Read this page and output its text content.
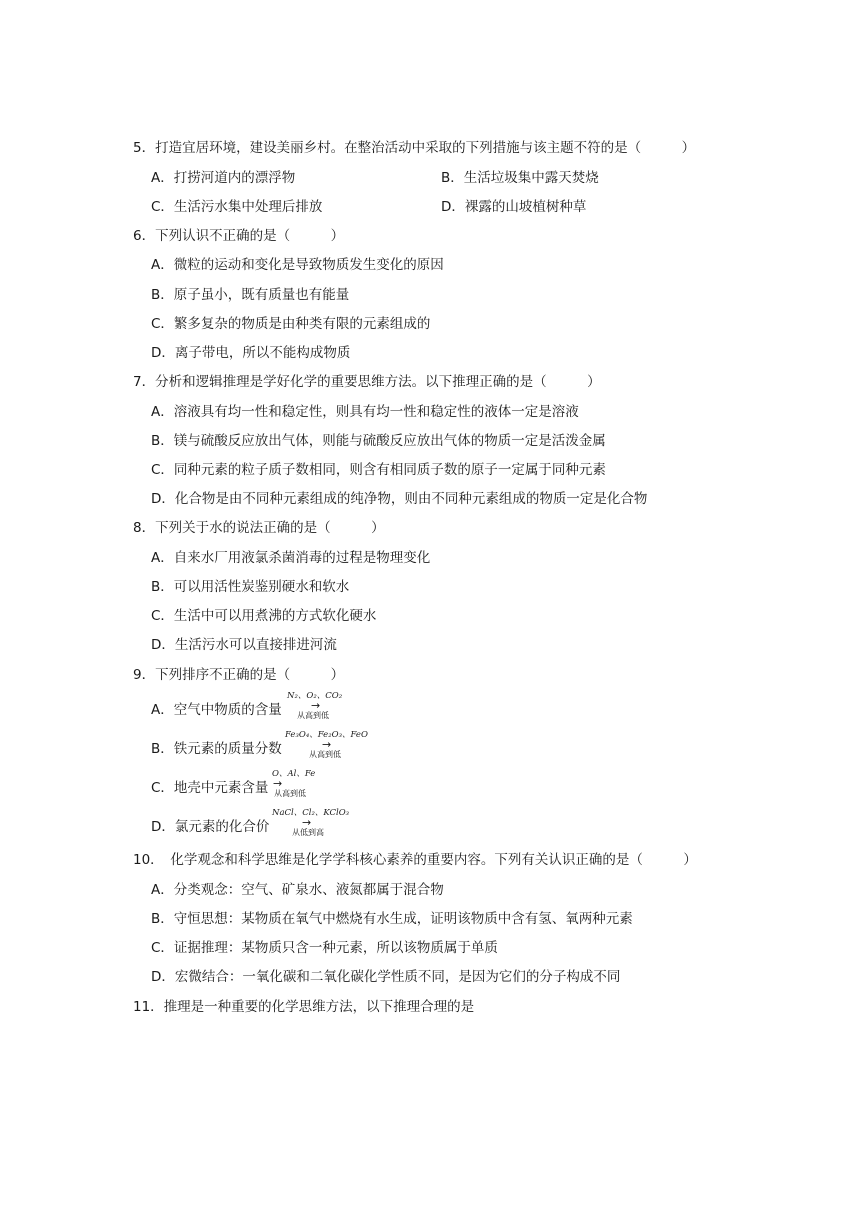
5．打造宜居环境，建设美丽乡村。在整治活动中采取的下列措施与该主题不符的是（　　　）
A．打捞河道内的漂浮物	B．生活垃圾集中露天焚烧
C．生活污水集中处理后排放	D．裸露的山坡植树种草
6．下列认识不正确的是（　　　）
A．微粒的运动和变化是导致物质发生变化的原因
B．原子虽小，既有质量也有能量
C．繁多复杂的物质是由种类有限的元素组成的
D．离子带电，所以不能构成物质
7．分析和逻辑推理是学好化学的重要思维方法。以下推理正确的是（　　　）
A．溶液具有均一性和稳定性，则具有均一性和稳定性的液体一定是溶液
B．镁与硫酸反应放出气体，则能与硫酸反应放出气体的物质一定是活泼金属
C．同种元素的粒子质子数相同，则含有相同质子数的原子一定属于同种元素
D．化合物是由不同种元素组成的纯净物，则由不同种元素组成的物质一定是化合物
8．下列关于水的说法正确的是（　　　）
A．自来水厂用液氯杀菌消毒的过程是物理变化
B．可以用活性炭鉴别硬水和软水
C．生活中可以用煮沸的方式软化硬水
D．生活污水可以直接排进河流
9．下列排序不正确的是（　　　）
A．空气中物质的含量
N₂、O₂、CO₂
→
从高到低
B．铁元素的质量分数
Fe₃O₄、Fe₂O₃、FeO
→
从高到低
C．地壳中元素含量
O、Al、Fe
→
从高到低
D．氯元素的化合价
NaCl、Cl₂、KClO₃
→
从低到高
10．　化学观念和科学思维是化学学科核心素养的重要内容。下列有关认识正确的是（　　　）
A．分类观念：空气、矿泉水、液氮都属于混合物
B．守恒思想：某物质在氧气中燃烧有水生成，证明该物质中含有氢、氧两种元素
C．证据推理：某物质只含一种元素，所以该物质属于单质
D．宏微结合：一氧化碳和二氧化碳化学性质不同，是因为它们的分子构成不同
11．推理是一种重要的化学思维方法，以下推理合理的是
